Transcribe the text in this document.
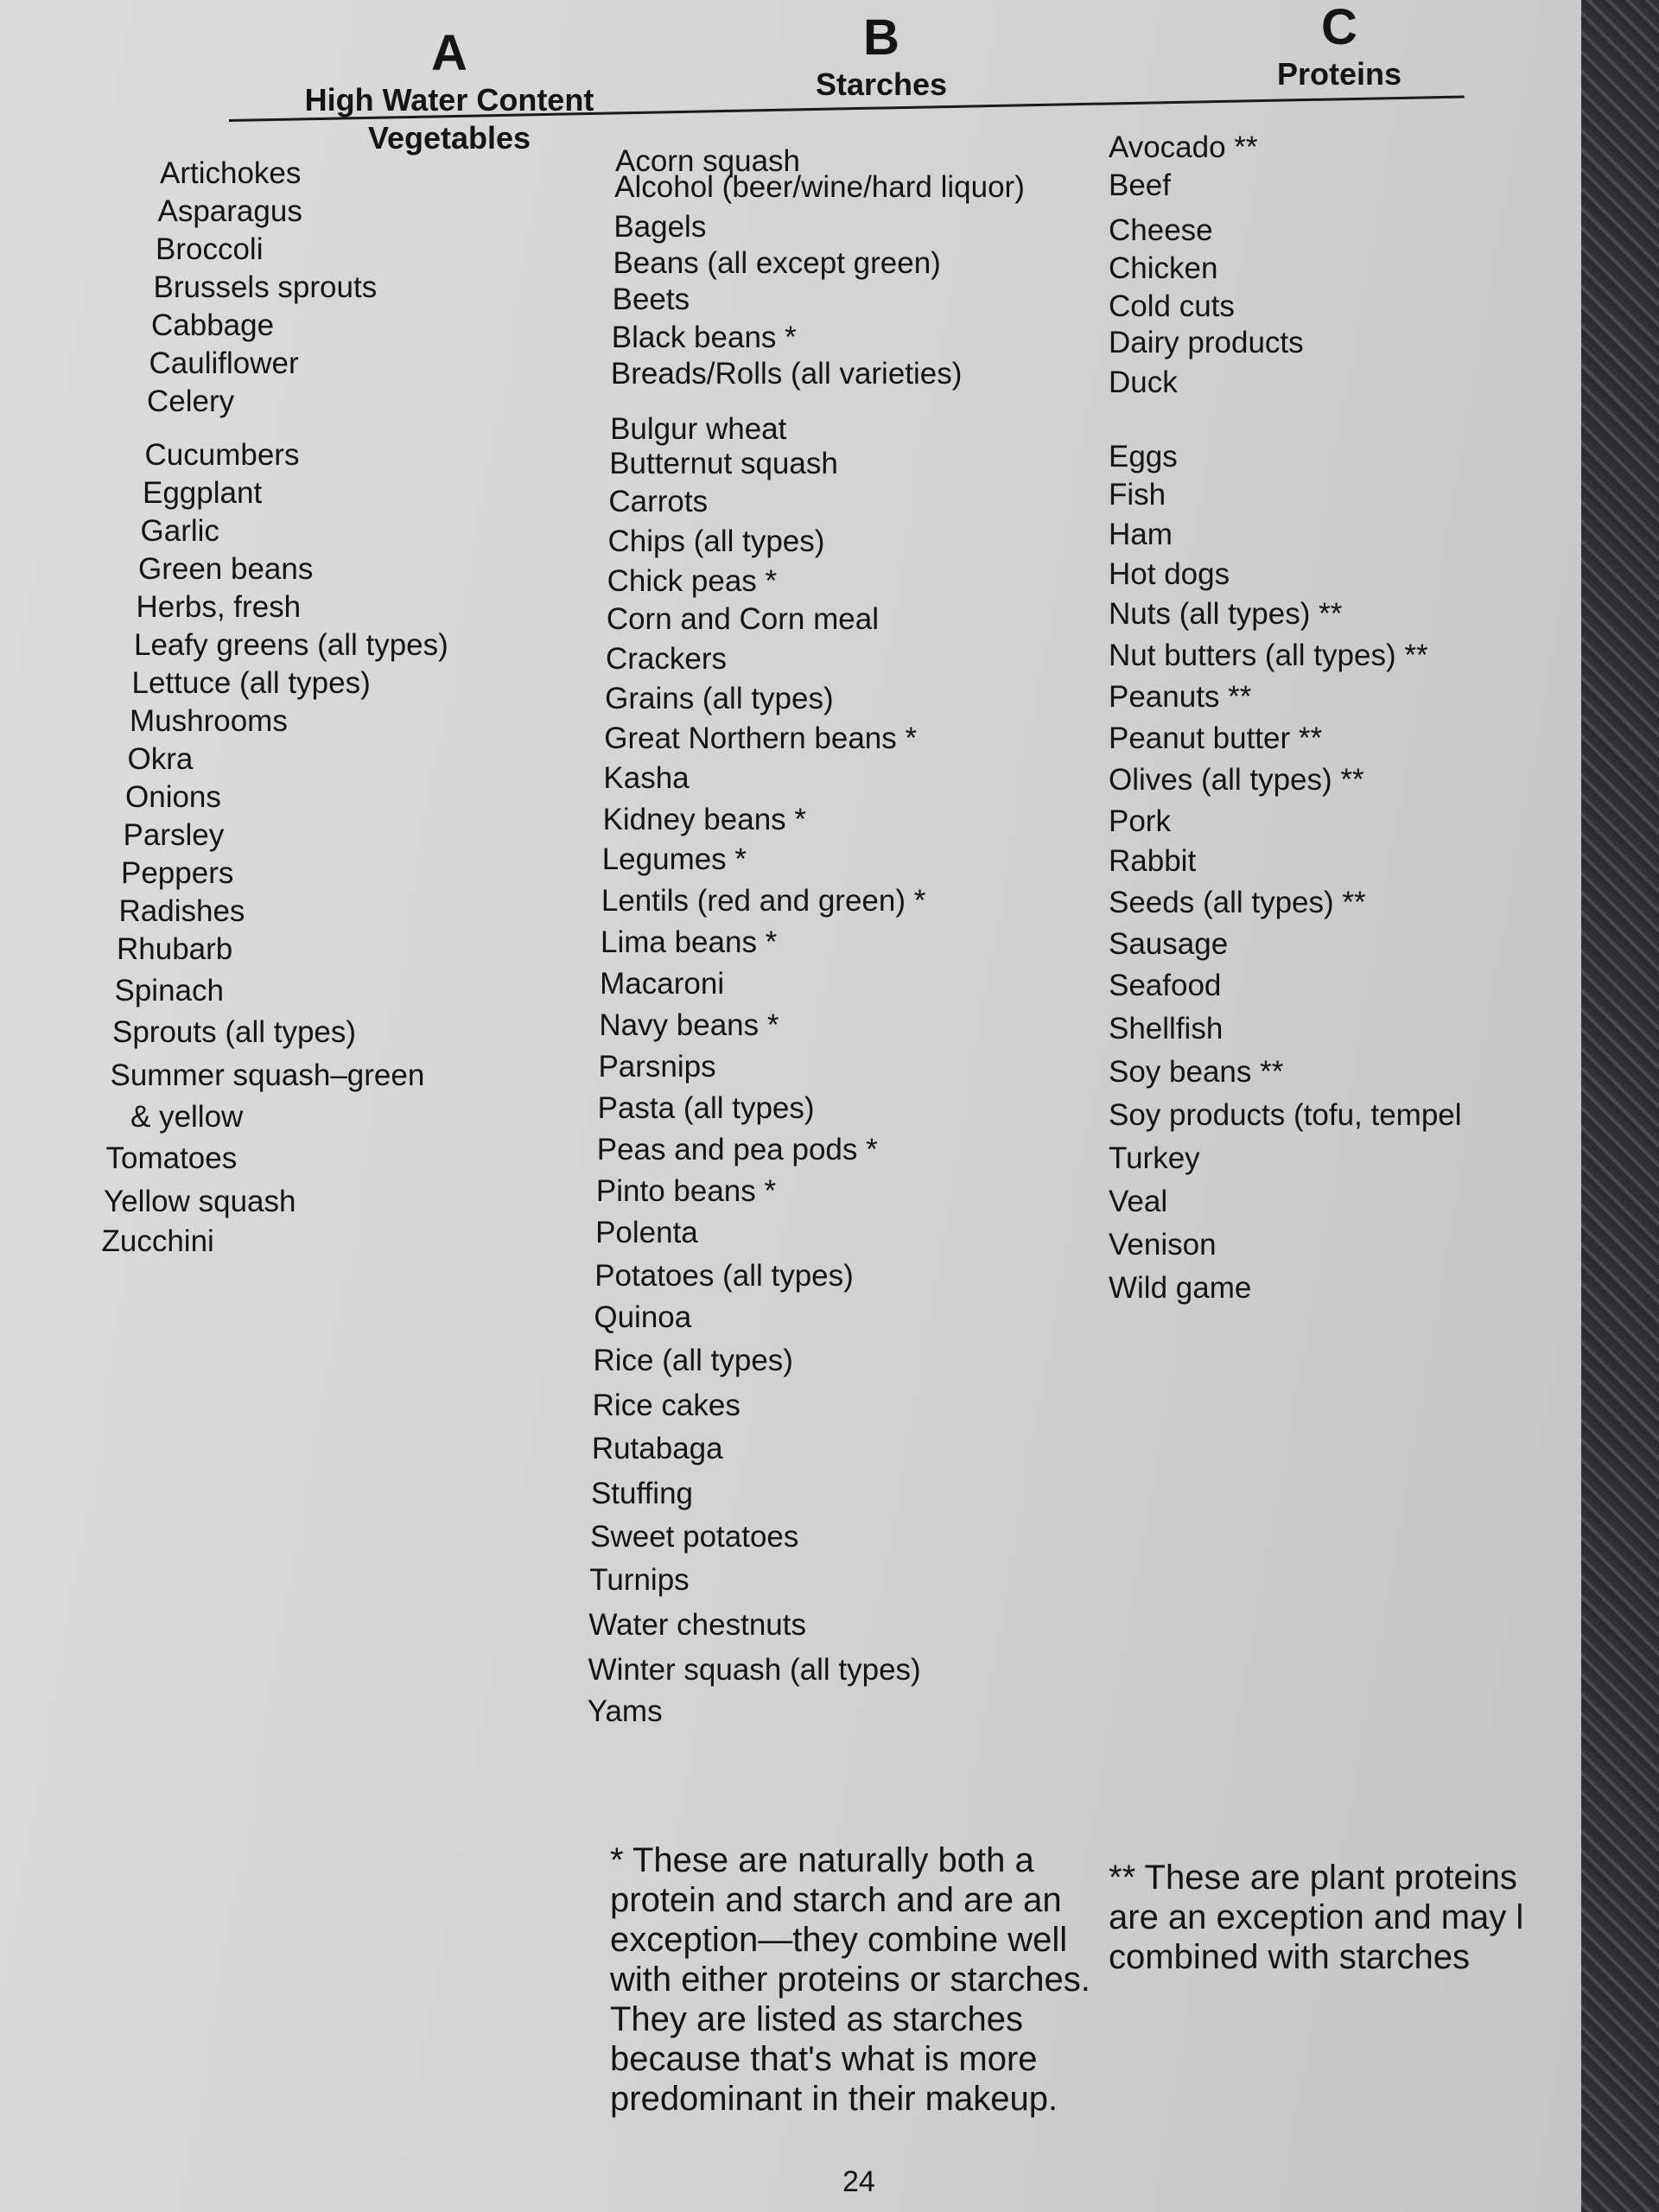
A
High Water Content
Vegetables
B
Starches
C
Proteins
Artichokes
Asparagus
Broccoli
Brussels sprouts
Cabbage
Cauliflower
Celery
Cucumbers
Eggplant
Garlic
Green beans
Herbs, fresh
Leafy greens (all types)
Lettuce (all types)
Mushrooms
Okra
Onions
Parsley
Peppers
Radishes
Rhubarb
Spinach
Sprouts (all types)
Summer squash–green
& yellow
Tomatoes
Yellow squash
Zucchini
Acorn squash
Alcohol (beer/wine/hard liquor)
Bagels
Beans (all except green)
Beets
Black beans *
Breads/Rolls (all varieties)
Bulgur wheat
Butternut squash
Carrots
Chips (all types)
Chick peas *
Corn and Corn meal
Crackers
Grains (all types)
Great Northern beans *
Kasha
Kidney beans *
Legumes *
Lentils (red and green) *
Lima beans *
Macaroni
Navy beans *
Parsnips
Pasta (all types)
Peas and pea pods *
Pinto beans *
Polenta
Potatoes (all types)
Quinoa
Rice (all types)
Rice cakes
Rutabaga
Stuffing
Sweet potatoes
Turnips
Water chestnuts
Winter squash (all types)
Yams
Avocado **
Beef
Cheese
Chicken
Cold cuts
Dairy products
Duck
Eggs
Fish
Ham
Hot dogs
Nuts (all types) **
Nut butters (all types) **
Peanuts **
Peanut butter **
Olives (all types) **
Pork
Rabbit
Seeds (all types) **
Sausage
Seafood
Shellfish
Soy beans **
Soy products (tofu, tempel
Turkey
Veal
Venison
Wild game
* These are naturally both a
protein and starch and are an
exception—they combine well
with either proteins or starches.
They are listed as starches
because that's what is more
predominant in their makeup.
** These are plant proteins
are an exception and may l
combined with starches
24
